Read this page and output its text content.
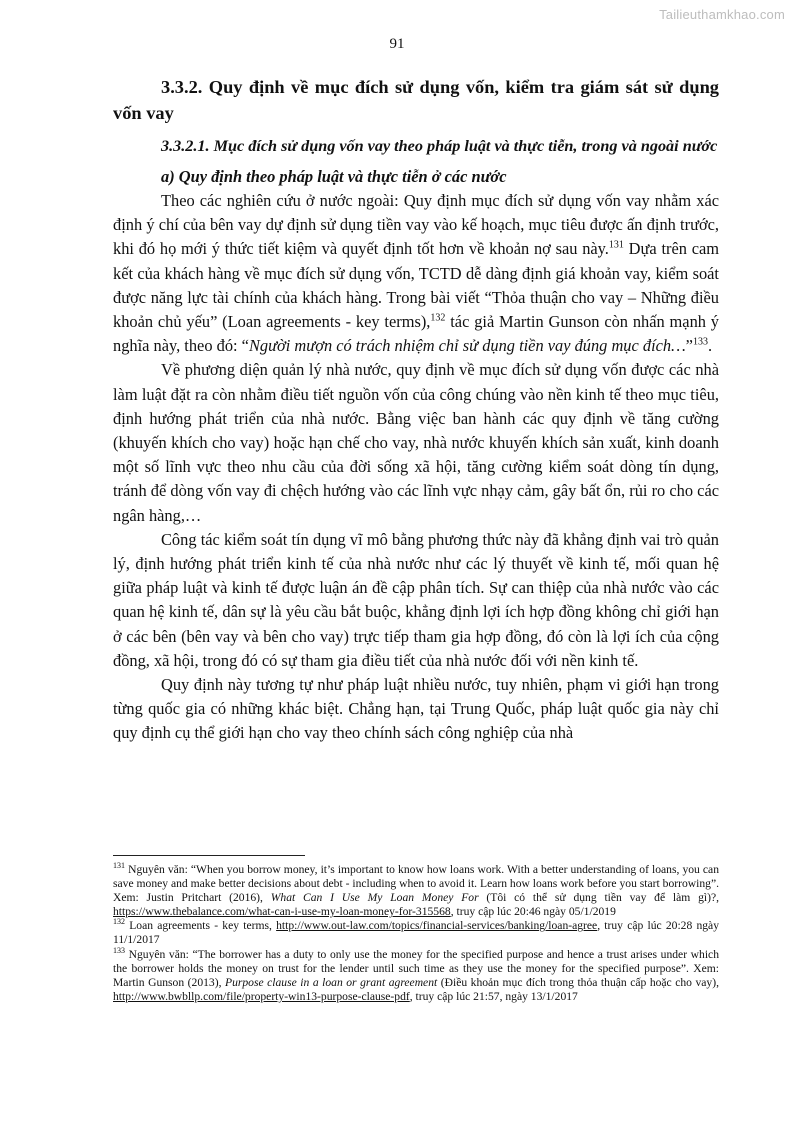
Tailieuthamkhao.com
91
3.3.2. Quy định về mục đích sử dụng vốn, kiểm tra giám sát sử dụng vốn vay
3.3.2.1. Mục đích sử dụng vốn vay theo pháp luật và thực tiễn, trong và ngoài nước
a) Quy định theo pháp luật và thực tiễn ở các nước

Theo các nghiên cứu ở nước ngoài: Quy định mục đích sử dụng vốn vay nhằm xác định ý chí của bên vay dự định sử dụng tiền vay vào kế hoạch, mục tiêu được ấn định trước, khi đó họ mới ý thức tiết kiệm và quyết định tốt hơn về khoản nợ sau này.$^{131}$ Dựa trên cam kết của khách hàng về mục đích sử dụng vốn, TCTD dễ dàng định giá khoản vay, kiểm soát được năng lực tài chính của khách hàng. Trong bài viết “Thỏa thuận cho vay – Những điều khoản chủ yếu” (Loan agreements - key terms),$^{132}$ tác giả Martin Gunson còn nhấn mạnh ý nghĩa này, theo đó: “Người mượn có trách nhiệm chỉ sử dụng tiền vay đúng mục đích…”$^{133}$.

Về phương diện quản lý nhà nước, quy định về mục đích sử dụng vốn được các nhà làm luật đặt ra còn nhằm điều tiết nguồn vốn của công chúng vào nền kinh tế theo mục tiêu, định hướng phát triển của nhà nước. Bằng việc ban hành các quy định về tăng cường (khuyến khích cho vay) hoặc hạn chế cho vay, nhà nước khuyến khích sản xuất, kinh doanh một số lĩnh vực theo nhu cầu của đời sống xã hội, tăng cường kiểm soát dòng tín dụng, tránh để dòng vốn vay đi chệch hướng vào các lĩnh vực nhạy cảm, gây bất ổn, rủi ro cho các ngân hàng,…

Công tác kiểm soát tín dụng vĩ mô bằng phương thức này đã khẳng định vai trò quản lý, định hướng phát triển kinh tế của nhà nước như các lý thuyết về kinh tế, mối quan hệ giữa pháp luật và kinh tế được luận án đề cập phân tích. Sự can thiệp của nhà nước vào các quan hệ kinh tế, dân sự là yêu cầu bắt buộc, khẳng định lợi ích hợp đồng không chỉ giới hạn ở các bên (bên vay và bên cho vay) trực tiếp tham gia hợp đồng, đó còn là lợi ích của cộng đồng, xã hội, trong đó có sự tham gia điều tiết của nhà nước đối với nền kinh tế.

Quy định này tương tự như pháp luật nhiều nước, tuy nhiên, phạm vi giới hạn trong từng quốc gia có những khác biệt. Chẳng hạn, tại Trung Quốc, pháp luật quốc gia này chỉ quy định cụ thể giới hạn cho vay theo chính sách công nghiệp của nhà

$^{131}$ Nguyên văn: “When you borrow money, it’s important to know how loans work. With a better understanding of loans, you can save money and make better decisions about debt - including when to avoid it. Learn how loans work before you start borrowing”. Xem: Justin Pritchart (2016), What Can I Use My Loan Money For (Tôi có thể sử dụng tiền vay để làm gì)?, https://www.thebalance.com/what-can-i-use-my-loan-money-for-315568, truy cập lúc 20:46 ngày 05/1/2019

$^{132}$ Loan agreements - key terms, http://www.out-law.com/topics/financial-services/banking/loan-agree, truy cập lúc 20:28 ngày 11/1/2017

$^{133}$ Nguyên văn: “The borrower has a duty to only use the money for the specified purpose and hence a trust arises under which the borrower holds the money on trust for the lender until such time as they use the money for the specified purpose”. Xem: Martin Gunson (2013), Purpose clause in a loan or grant agreement (Điều khoản mục đích trong thỏa thuận cấp hoặc cho vay), http://www.bwbllp.com/file/property-win13-purpose-clause-pdf, truy cập lúc 21:57, ngày 13/1/2017
